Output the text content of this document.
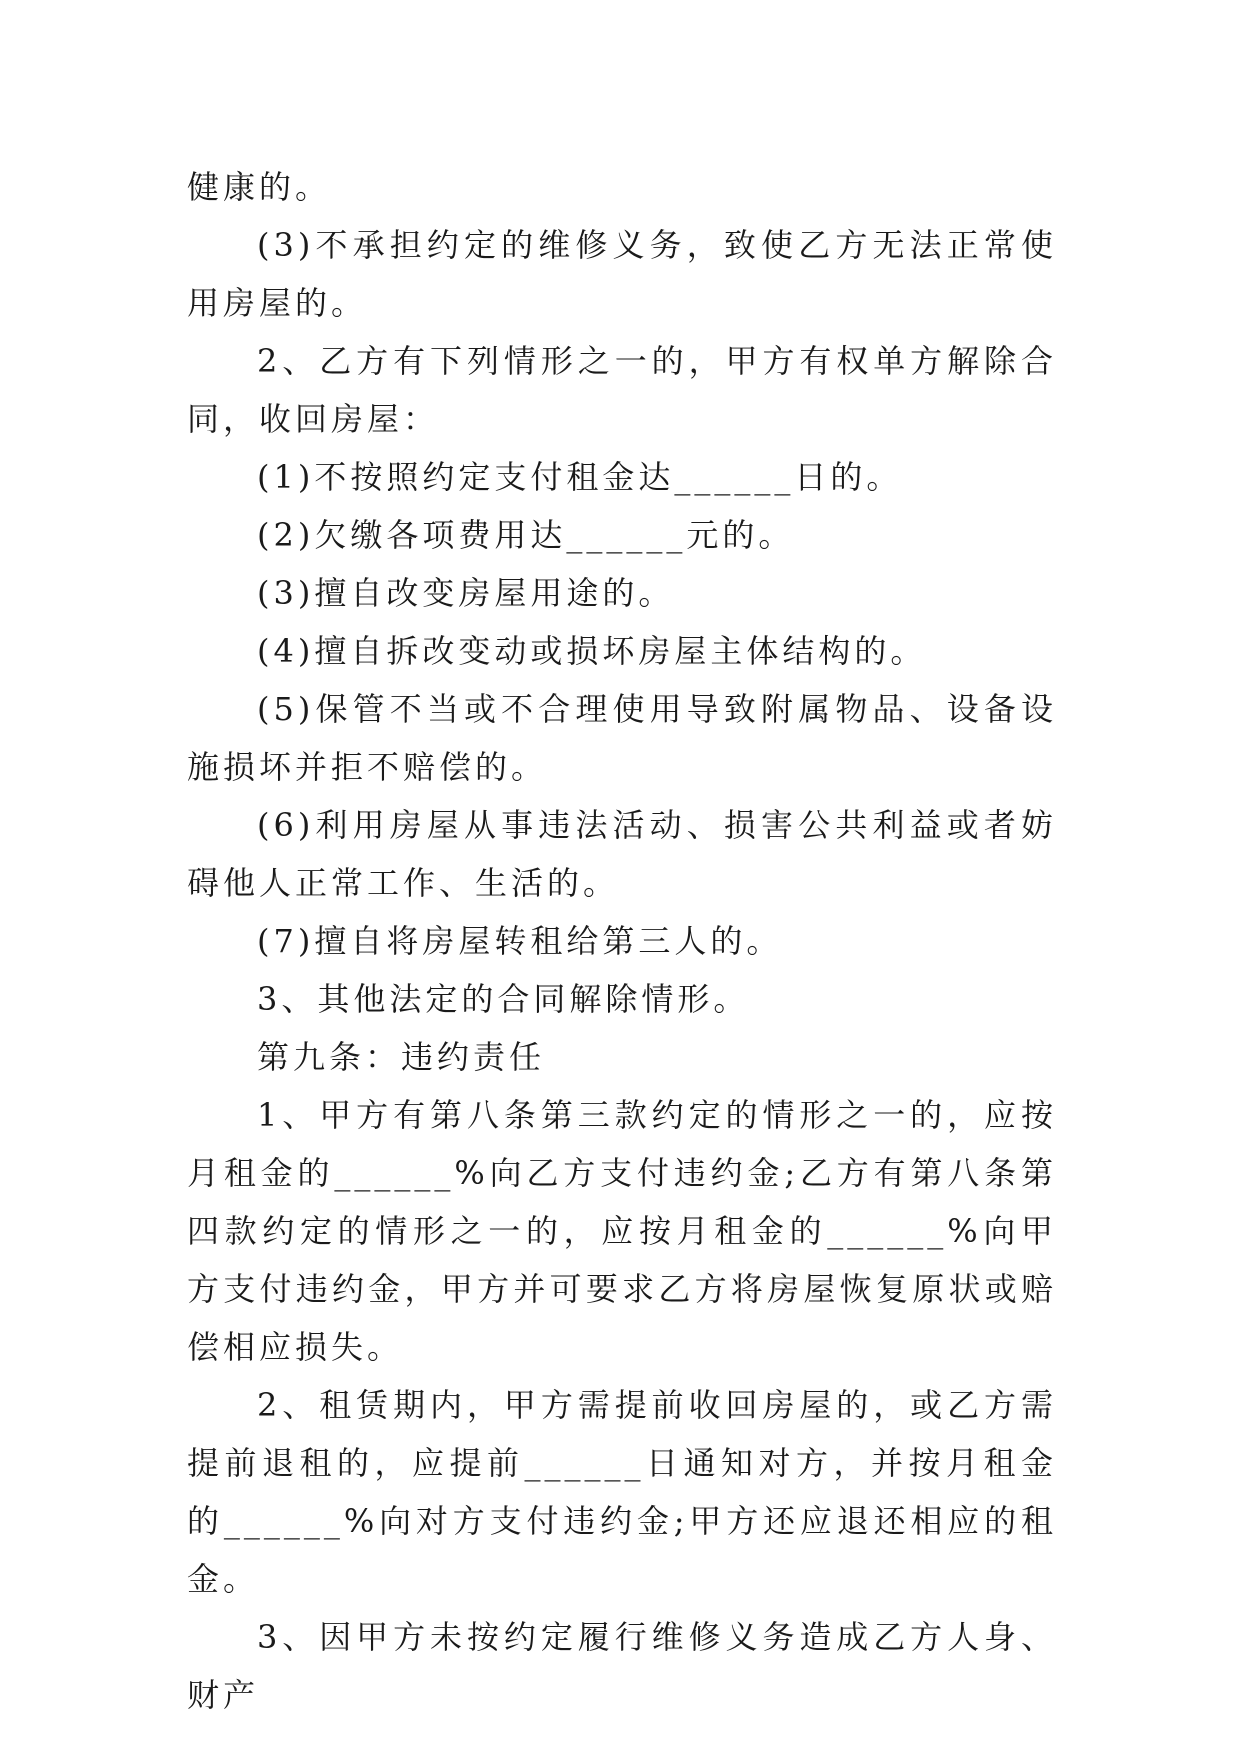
健康的。

(3)不承担约定的维修义务，致使乙方无法正常使用房屋的。

2、乙方有下列情形之一的，甲方有权单方解除合同，收回房屋：

(1)不按照约定支付租金达______日的。

(2)欠缴各项费用达______元的。

(3)擅自改变房屋用途的。

(4)擅自拆改变动或损坏房屋主体结构的。

(5)保管不当或不合理使用导致附属物品、设备设施损坏并拒不赔偿的。

(6)利用房屋从事违法活动、损害公共利益或者妨碍他人正常工作、生活的。

(7)擅自将房屋转租给第三人的。

3、其他法定的合同解除情形。

第九条：违约责任

1、甲方有第八条第三款约定的情形之一的，应按月租金的______%向乙方支付违约金;乙方有第八条第四款约定的情形之一的，应按月租金的______%向甲方支付违约金，甲方并可要求乙方将房屋恢复原状或赔偿相应损失。

2、租赁期内，甲方需提前收回房屋的，或乙方需提前退租的，应提前______日通知对方，并按月租金的______%向对方支付违约金;甲方还应退还相应的租金。

3、因甲方未按约定履行维修义务造成乙方人身、财产
